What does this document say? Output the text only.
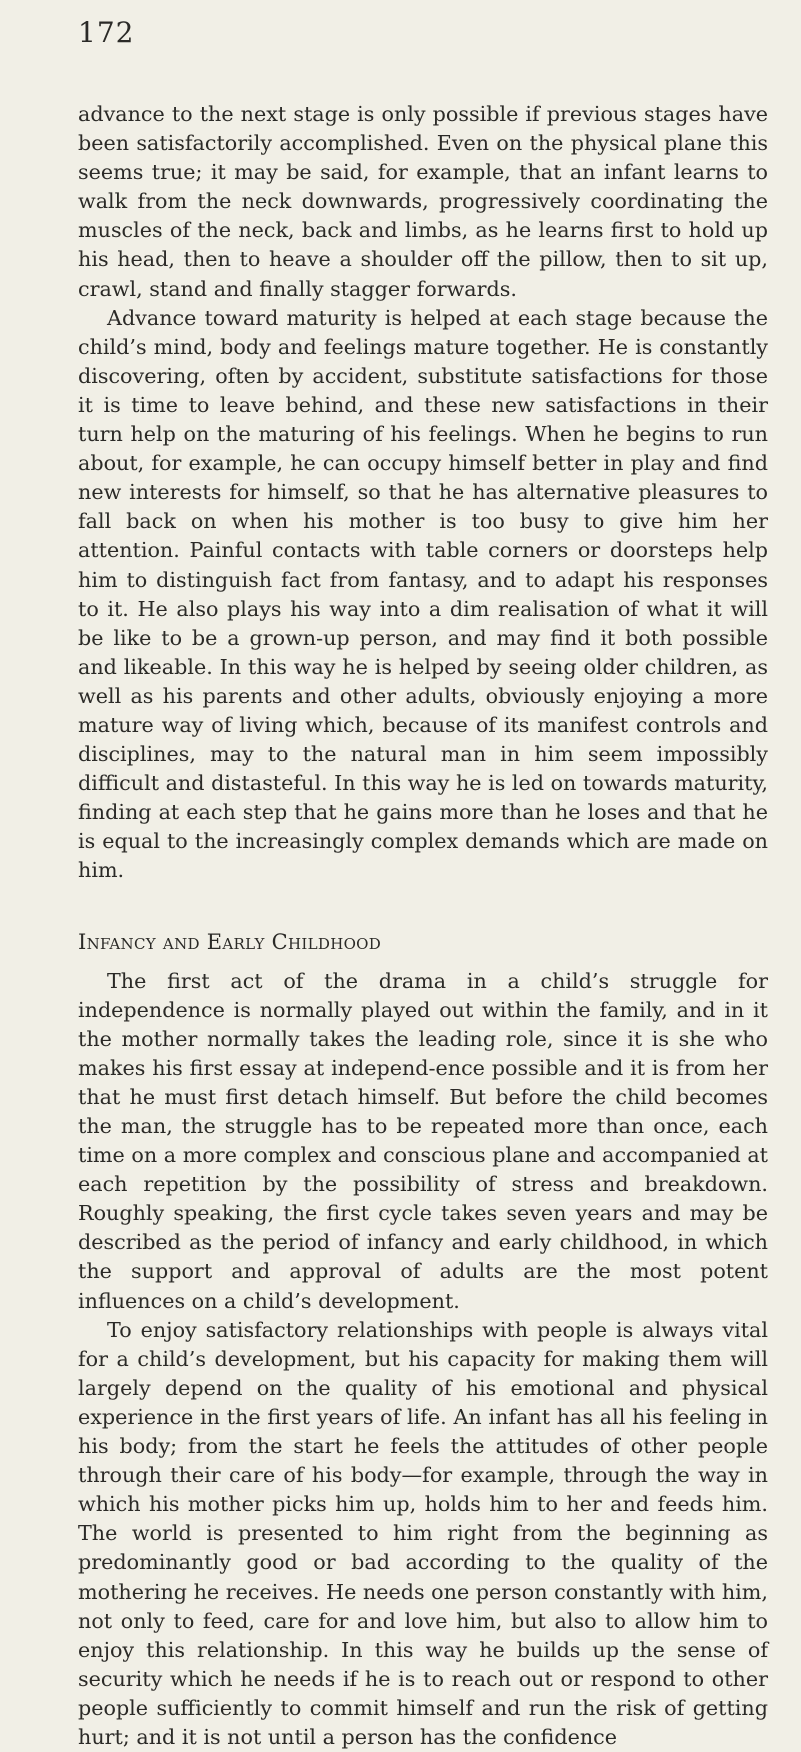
172

advance to the next stage is only possible if previous stages have been satisfactorily accomplished. Even on the physical plane this seems true; it may be said, for example, that an infant learns to walk from the neck downwards, progressively coordinating the muscles of the neck, back and limbs, as he learns first to hold up his head, then to heave a shoulder off the pillow, then to sit up, crawl, stand and finally stagger forwards.

Advance toward maturity is helped at each stage because the child’s mind, body and feelings mature together. He is constantly discovering, often by accident, substitute satisfactions for those it is time to leave behind, and these new satisfactions in their turn help on the maturing of his feelings. When he begins to run about, for example, he can occupy himself better in play and find new interests for himself, so that he has alternative pleasures to fall back on when his mother is too busy to give him her attention. Painful contacts with table corners or doorsteps help him to distinguish fact from fantasy, and to adapt his responses to it. He also plays his way into a dim realisation of what it will be like to be a grown-up person, and may find it both possible and likeable. In this way he is helped by seeing older children, as well as his parents and other adults, obviously enjoying a more mature way of living which, because of its manifest controls and disciplines, may to the natural man in him seem impossibly difficult and distasteful. In this way he is led on towards maturity, finding at each step that he gains more than he loses and that he is equal to the increasingly complex demands which are made on him.

Infancy and Early Childhood

The first act of the drama in a child’s struggle for independence is normally played out within the family, and in it the mother normally takes the leading role, since it is she who makes his first essay at independ-ence possible and it is from her that he must first detach himself. But before the child becomes the man, the struggle has to be repeated more than once, each time on a more complex and conscious plane and accompanied at each repetition by the possibility of stress and breakdown. Roughly speaking, the first cycle takes seven years and may be described as the period of infancy and early childhood, in which the support and approval of adults are the most potent influences on a child’s development.

To enjoy satisfactory relationships with people is always vital for a child’s development, but his capacity for making them will largely depend on the quality of his emotional and physical experience in the first years of life. An infant has all his feeling in his body; from the start he feels the attitudes of other people through their care of his body—for example, through the way in which his mother picks him up, holds him to her and feeds him. The world is presented to him right from the beginning as predominantly good or bad according to the quality of the mothering he receives. He needs one person constantly with him, not only to feed, care for and love him, but also to allow him to enjoy this relationship. In this way he builds up the sense of security which he needs if he is to reach out or respond to other people sufficiently to commit himself and run the risk of getting hurt; and it is not until a person has the confidence
